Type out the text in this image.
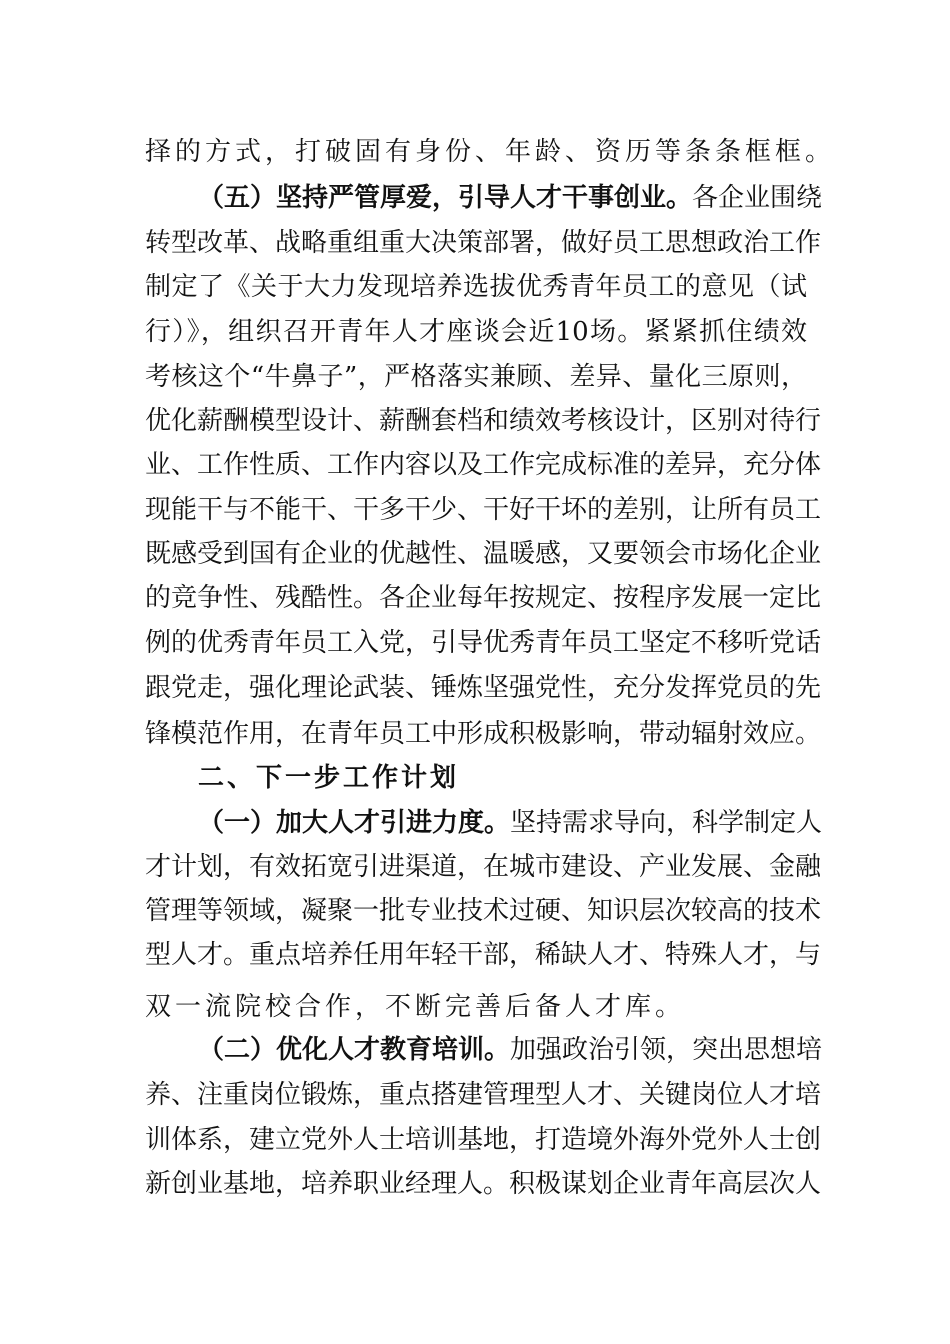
择的方式，打破固有身份、年龄、资历等条条框框。
（五）坚持严管厚爱，引导人才干事创业。各企业围绕
转型改革、战略重组重大决策部署，做好员工思想政治工作
制定了《关于大力发现培养选拔优秀青年员工的意见（试
行）》，组织召开青年人才座谈会近10场。紧紧抓住绩效
考核这个“牛鼻子”，严格落实兼顾、差异、量化三原则，
优化薪酬模型设计、薪酬套档和绩效考核设计，区别对待行
业、工作性质、工作内容以及工作完成标准的差异，充分体
现能干与不能干、干多干少、干好干坏的差别，让所有员工
既感受到国有企业的优越性、温暖感，又要领会市场化企业
的竞争性、残酷性。各企业每年按规定、按程序发展一定比
例的优秀青年员工入党，引导优秀青年员工坚定不移听党话
跟党走，强化理论武装、锤炼坚强党性，充分发挥党员的先
锋模范作用，在青年员工中形成积极影响，带动辐射效应。
二、下一步工作计划
（一）加大人才引进力度。坚持需求导向，科学制定人
才计划，有效拓宽引进渠道，在城市建设、产业发展、金融
管理等领域，凝聚一批专业技术过硬、知识层次较高的技术
型人才。重点培养任用年轻干部，稀缺人才、特殊人才，与
双一流院校合作，不断完善后备人才库。
（二）优化人才教育培训。加强政治引领，突出思想培
养、注重岗位锻炼，重点搭建管理型人才、关键岗位人才培
训体系，建立党外人士培训基地，打造境外海外党外人士创
新创业基地，培养职业经理人。积极谋划企业青年高层次人
